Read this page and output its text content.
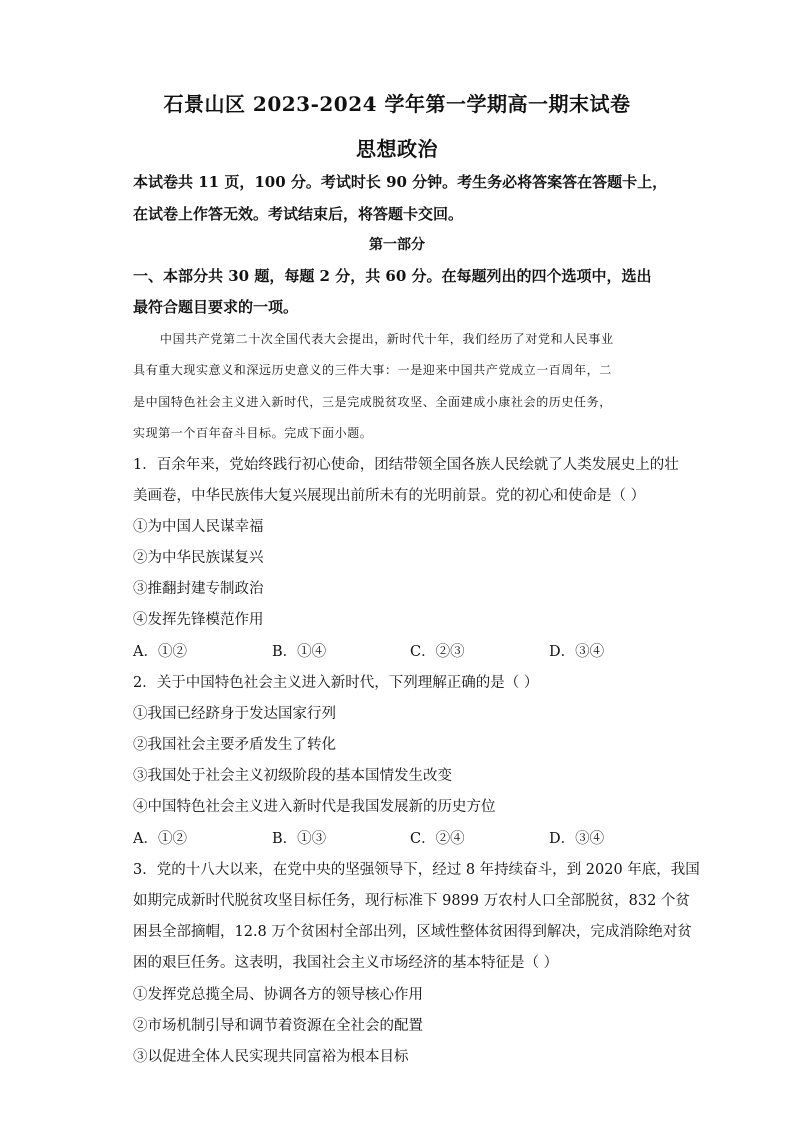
石景山区 2023-2024 学年第一学期高一期末试卷
思想政治
本试卷共 11 页，100 分。考试时长 90 分钟。考生务必将答案答在答题卡上，
在试卷上作答无效。考试结束后，将答题卡交回。
第一部分
一、本部分共 30 题，每题 2 分，共 60 分。在每题列出的四个选项中，选出
最符合题目要求的一项。
中国共产党第二十次全国代表大会提出，新时代十年，我们经历了对党和人民事业
具有重大现实意义和深远历史意义的三件大事：一是迎来中国共产党成立一百周年，二
是中国特色社会主义进入新时代，三是完成脱贫攻坚、全面建成小康社会的历史任务，
实现第一个百年奋斗目标。完成下面小题。
1．百余年来，党始终践行初心使命，团结带领全国各族人民绘就了人类发展史上的壮
美画卷，中华民族伟大复兴展现出前所未有的光明前景。党的初心和使命是（ ）
①为中国人民谋幸福
②为中华民族谋复兴
③推翻封建专制政治
④发挥先锋模范作用
A．①②	B．①④	C．②③	D．③④
2．关于中国特色社会主义进入新时代，下列理解正确的是（ ）
①我国已经跻身于发达国家行列
②我国社会主要矛盾发生了转化
③我国处于社会主义初级阶段的基本国情发生改变
④中国特色社会主义进入新时代是我国发展新的历史方位
A．①②	B．①③	C．②④	D．③④
3．党的十八大以来，在党中央的坚强领导下，经过 8 年持续奋斗，到 2020 年底，我国
如期完成新时代脱贫攻坚目标任务，现行标准下 9899 万农村人口全部脱贫，832 个贫
困县全部摘帽，12.8 万个贫困村全部出列，区域性整体贫困得到解决，完成消除绝对贫
困的艰巨任务。这表明，我国社会主义市场经济的基本特征是（ ）
①发挥党总揽全局、协调各方的领导核心作用
②市场机制引导和调节着资源在全社会的配置
③以促进全体人民实现共同富裕为根本目标
